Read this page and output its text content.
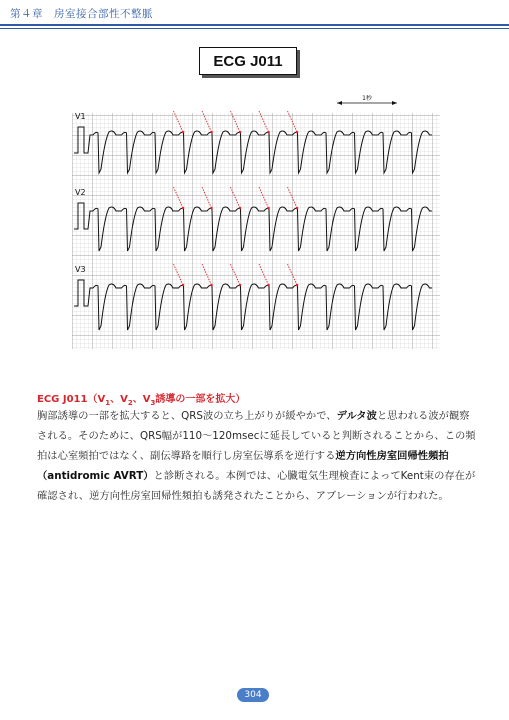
第４章　房室接合部性不整脈
ECG J011
1秒
V1
V2
V3
ECG $J011(V_1$、$V_2$、$V_3$誘導の一部を拡大）
胸部誘導の一部を拡大すると、QRS波の立ち上がりが緩やかで、デルタ波と思われる波が観察される。そのために、QRS幅が110〜120msecに延長していると判断されることから、この頻拍は心室頻拍ではなく、副伝導路を順行し房室伝導系を逆行する逆方向性房室回帰性頻拍（antidromic AVRT）と診断される。本例では、心臓電気生理検査によってKent束の存在が確認され、逆方向性房室回帰性頻拍も誘発されたことから、アブレーションが行われた。
304
